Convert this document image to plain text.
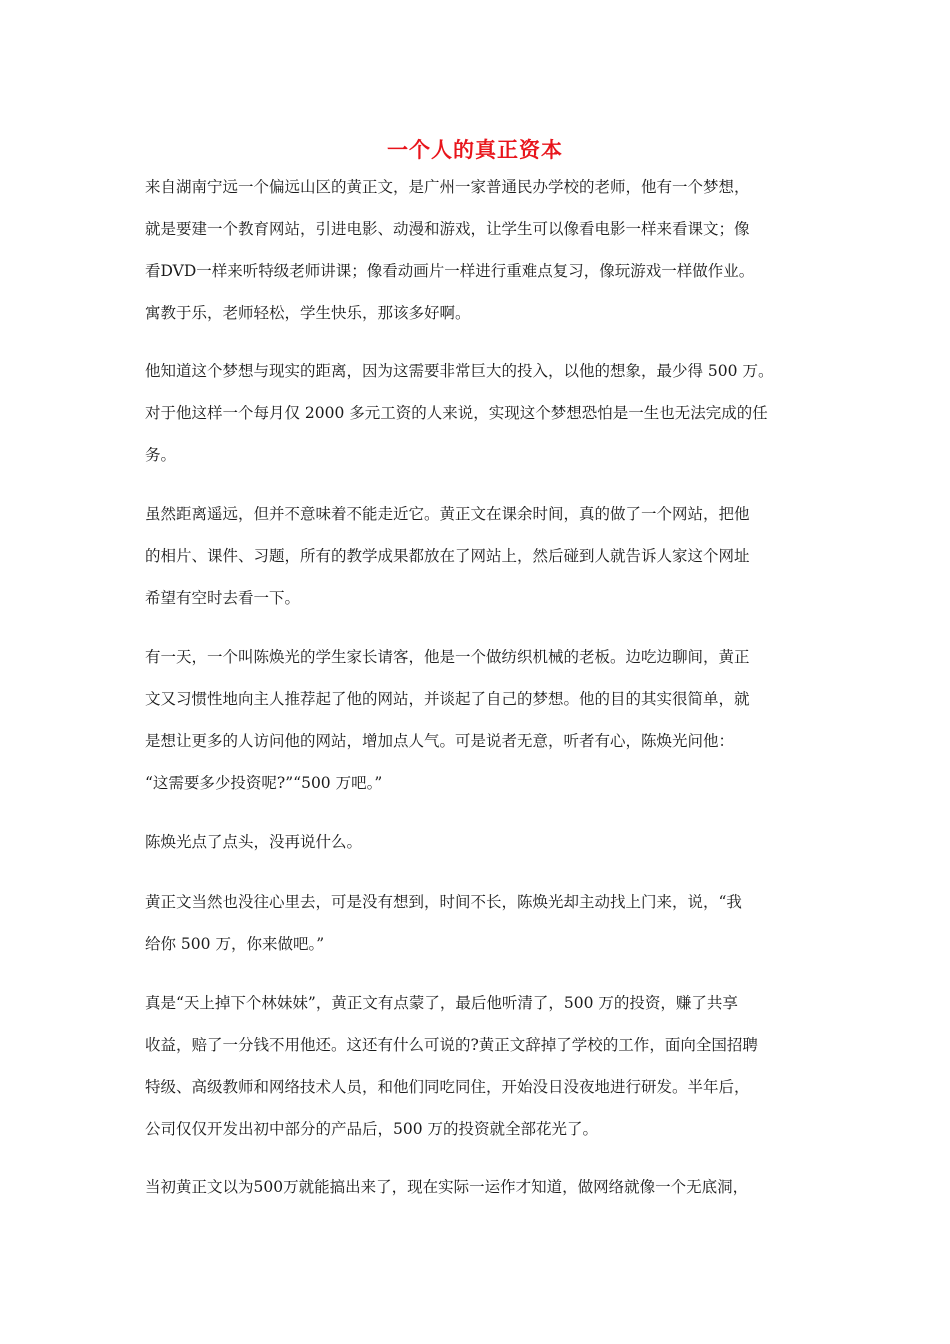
一个人的真正资本

来自湖南宁远一个偏远山区的黄正文，是广州一家普通民办学校的老师，他有一个梦想，
就是要建一个教育网站，引进电影、动漫和游戏，让学生可以像看电影一样来看课文；像
看DVD一样来听特级老师讲课；像看动画片一样进行重难点复习，像玩游戏一样做作业。
寓教于乐，老师轻松，学生快乐，那该多好啊。

他知道这个梦想与现实的距离，因为这需要非常巨大的投入，以他的想象，最少得 500 万。
对于他这样一个每月仅 2000 多元工资的人来说，实现这个梦想恐怕是一生也无法完成的任
务。

虽然距离遥远，但并不意味着不能走近它。黄正文在课余时间，真的做了一个网站，把他
的相片、课件、习题，所有的教学成果都放在了网站上，然后碰到人就告诉人家这个网址
希望有空时去看一下。

有一天，一个叫陈焕光的学生家长请客，他是一个做纺织机械的老板。边吃边聊间，黄正
文又习惯性地向主人推荐起了他的网站，并谈起了自己的梦想。他的目的其实很简单，就
是想让更多的人访问他的网站，增加点人气。可是说者无意，听者有心，陈焕光问他：
“这需要多少投资呢?”“500 万吧。”

陈焕光点了点头，没再说什么。

黄正文当然也没往心里去，可是没有想到，时间不长，陈焕光却主动找上门来，说，“我
给你 500 万，你来做吧。”

真是“天上掉下个林妹妹”，黄正文有点蒙了，最后他听清了，500 万的投资，赚了共享
收益，赔了一分钱不用他还。这还有什么可说的?黄正文辞掉了学校的工作，面向全国招聘
特级、高级教师和网络技术人员，和他们同吃同住，开始没日没夜地进行研发。半年后，
公司仅仅开发出初中部分的产品后，500 万的投资就全部花光了。

当初黄正文以为500万就能搞出来了，现在实际一运作才知道，做网络就像一个无底洞，
